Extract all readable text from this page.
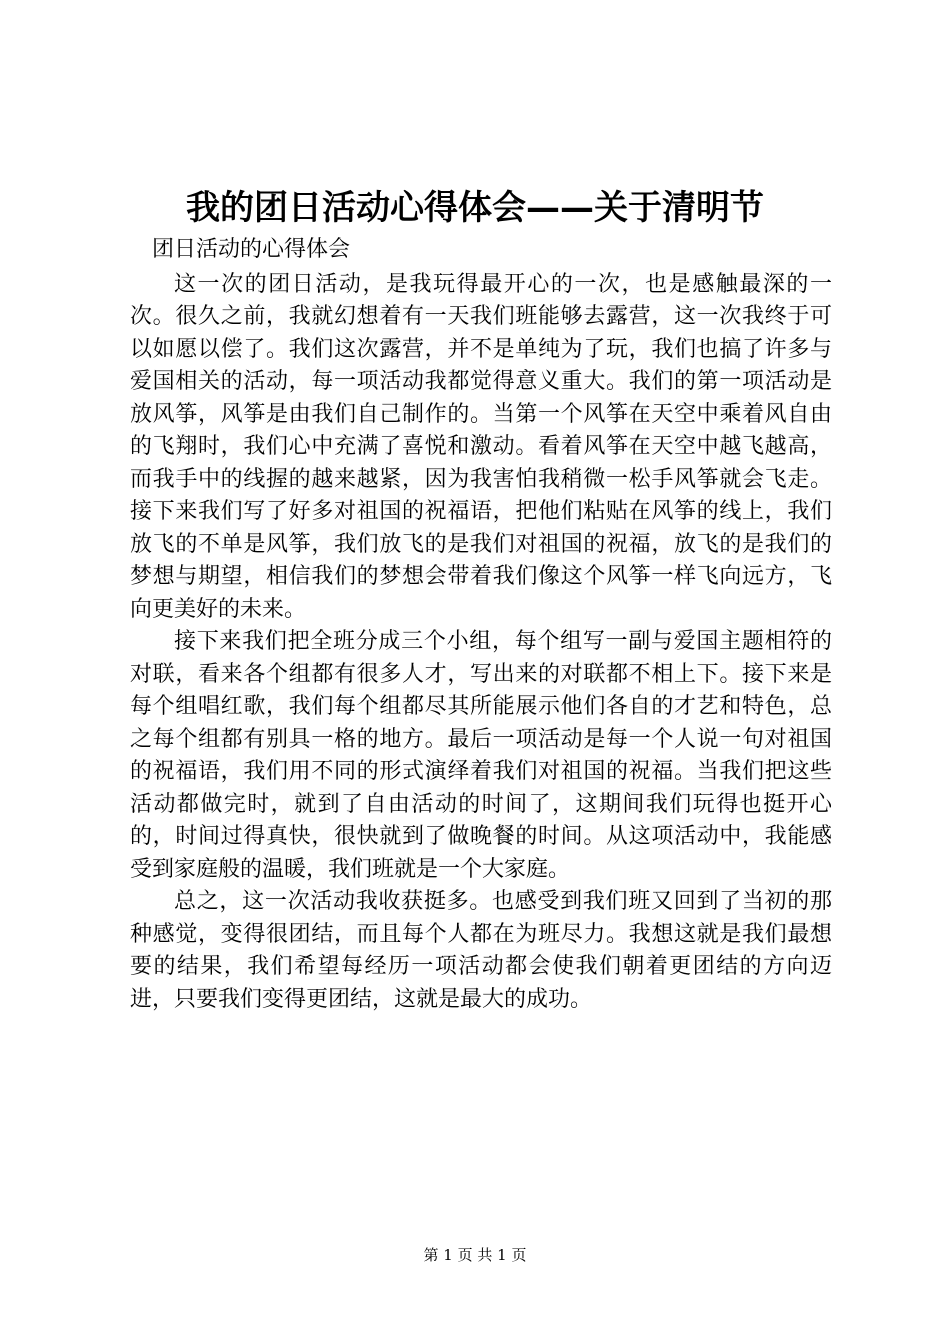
我的团日活动心得体会——关于清明节

团日活动的心得体会

这一次的团日活动，是我玩得最开心的一次，也是感触最深的一次。很久之前，我就幻想着有一天我们班能够去露营，这一次我终于可以如愿以偿了。我们这次露营，并不是单纯为了玩，我们也搞了许多与爱国相关的活动，每一项活动我都觉得意义重大。我们的第一项活动是放风筝，风筝是由我们自己制作的。当第一个风筝在天空中乘着风自由的飞翔时，我们心中充满了喜悦和激动。看着风筝在天空中越飞越高，而我手中的线握的越来越紧，因为我害怕我稍微一松手风筝就会飞走。接下来我们写了好多对祖国的祝福语，把他们粘贴在风筝的线上，我们放飞的不单是风筝，我们放飞的是我们对祖国的祝福，放飞的是我们的梦想与期望，相信我们的梦想会带着我们像这个风筝一样飞向远方，飞向更美好的未来。

接下来我们把全班分成三个小组，每个组写一副与爱国主题相符的对联，看来各个组都有很多人才，写出来的对联都不相上下。接下来是每个组唱红歌，我们每个组都尽其所能展示他们各自的才艺和特色，总之每个组都有别具一格的地方。最后一项活动是每一个人说一句对祖国的祝福语，我们用不同的形式演绎着我们对祖国的祝福。当我们把这些活动都做完时，就到了自由活动的时间了，这期间我们玩得也挺开心的，时间过得真快，很快就到了做晚餐的时间。从这项活动中，我能感受到家庭般的温暖，我们班就是一个大家庭。

总之，这一次活动我收获挺多。也感受到我们班又回到了当初的那种感觉，变得很团结，而且每个人都在为班尽力。我想这就是我们最想要的结果，我们希望每经历一项活动都会使我们朝着更团结的方向迈进，只要我们变得更团结，这就是最大的成功。

第 1 页 共 1 页
